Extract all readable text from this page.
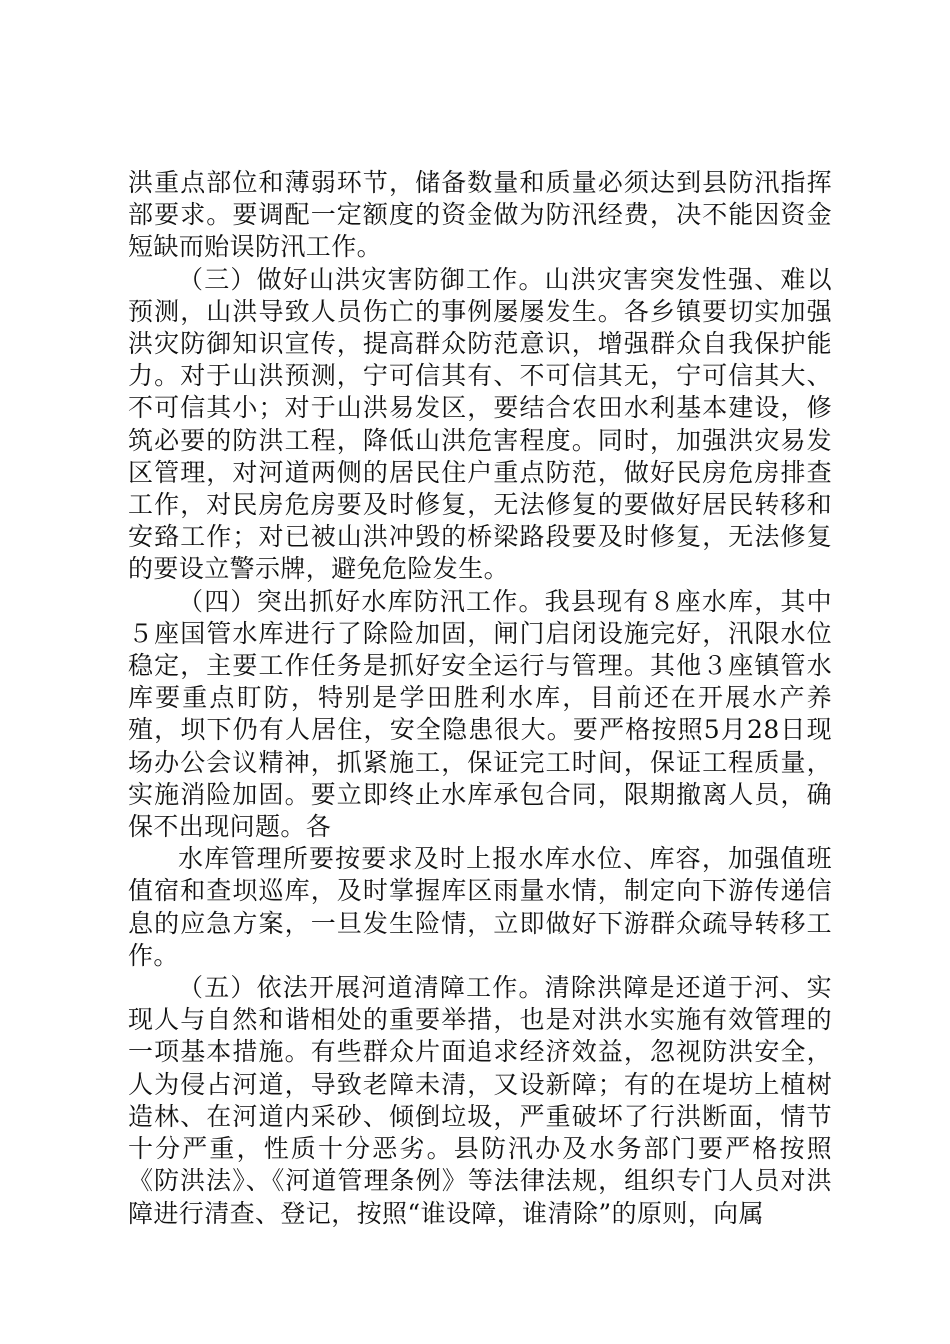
洪重点部位和薄弱环节，储备数量和质量必须达到县防汛指挥部要求。要调配一定额度的资金做为防汛经费，决不能因资金短缺而贻误防汛工作。

（三）做好山洪灾害防御工作。山洪灾害突发性强、难以预测，山洪导致人员伤亡的事例屡屡发生。各乡镇要切实加强洪灾防御知识宣传，提高群众防范意识，增强群众自我保护能力。对于山洪预测，宁可信其有、不可信其无，宁可信其大、不可信其小；对于山洪易发区，要结合农田水利基本建设，修筑必要的防洪工程，降低山洪危害程度。同时，加强洪灾易发区管理，对河道两侧的居民住户重点防范，做好民房危房排查工作，对民房危房要及时修复，无法修复的要做好居民转移和安臵工作；对已被山洪冲毁的桥梁路段要及时修复，无法修复的要设立警示牌，避免危险发生。

（四）突出抓好水库防汛工作。我县现有８座水库，其中５座国管水库进行了除险加固，闸门启闭设施完好，汛限水位稳定，主要工作任务是抓好安全运行与管理。其他３座镇管水库要重点盯防，特别是学田胜利水库，目前还在开展水产养殖，坝下仍有人居住，安全隐患很大。要严格按照5月28日现场办公会议精神，抓紧施工，保证完工时间，保证工程质量，实施消险加固。要立即终止水库承包合同，限期撤离人员，确保不出现问题。各

水库管理所要按要求及时上报水库水位、库容，加强值班值宿和查坝巡库，及时掌握库区雨量水情，制定向下游传递信息的应急方案，一旦发生险情，立即做好下游群众疏导转移工作。

（五）依法开展河道清障工作。清除洪障是还道于河、实现人与自然和谐相处的重要举措，也是对洪水实施有效管理的一项基本措施。有些群众片面追求经济效益，忽视防洪安全，人为侵占河道，导致老障未清，又设新障；有的在堤坊上植树造林、在河道内采砂、倾倒垃圾，严重破坏了行洪断面，情节十分严重，性质十分恶劣。县防汛办及水务部门要严格按照《防洪法》、《河道管理条例》等法律法规，组织专门人员对洪障进行清查、登记，按照“谁设障，谁清除”的原则，向属
